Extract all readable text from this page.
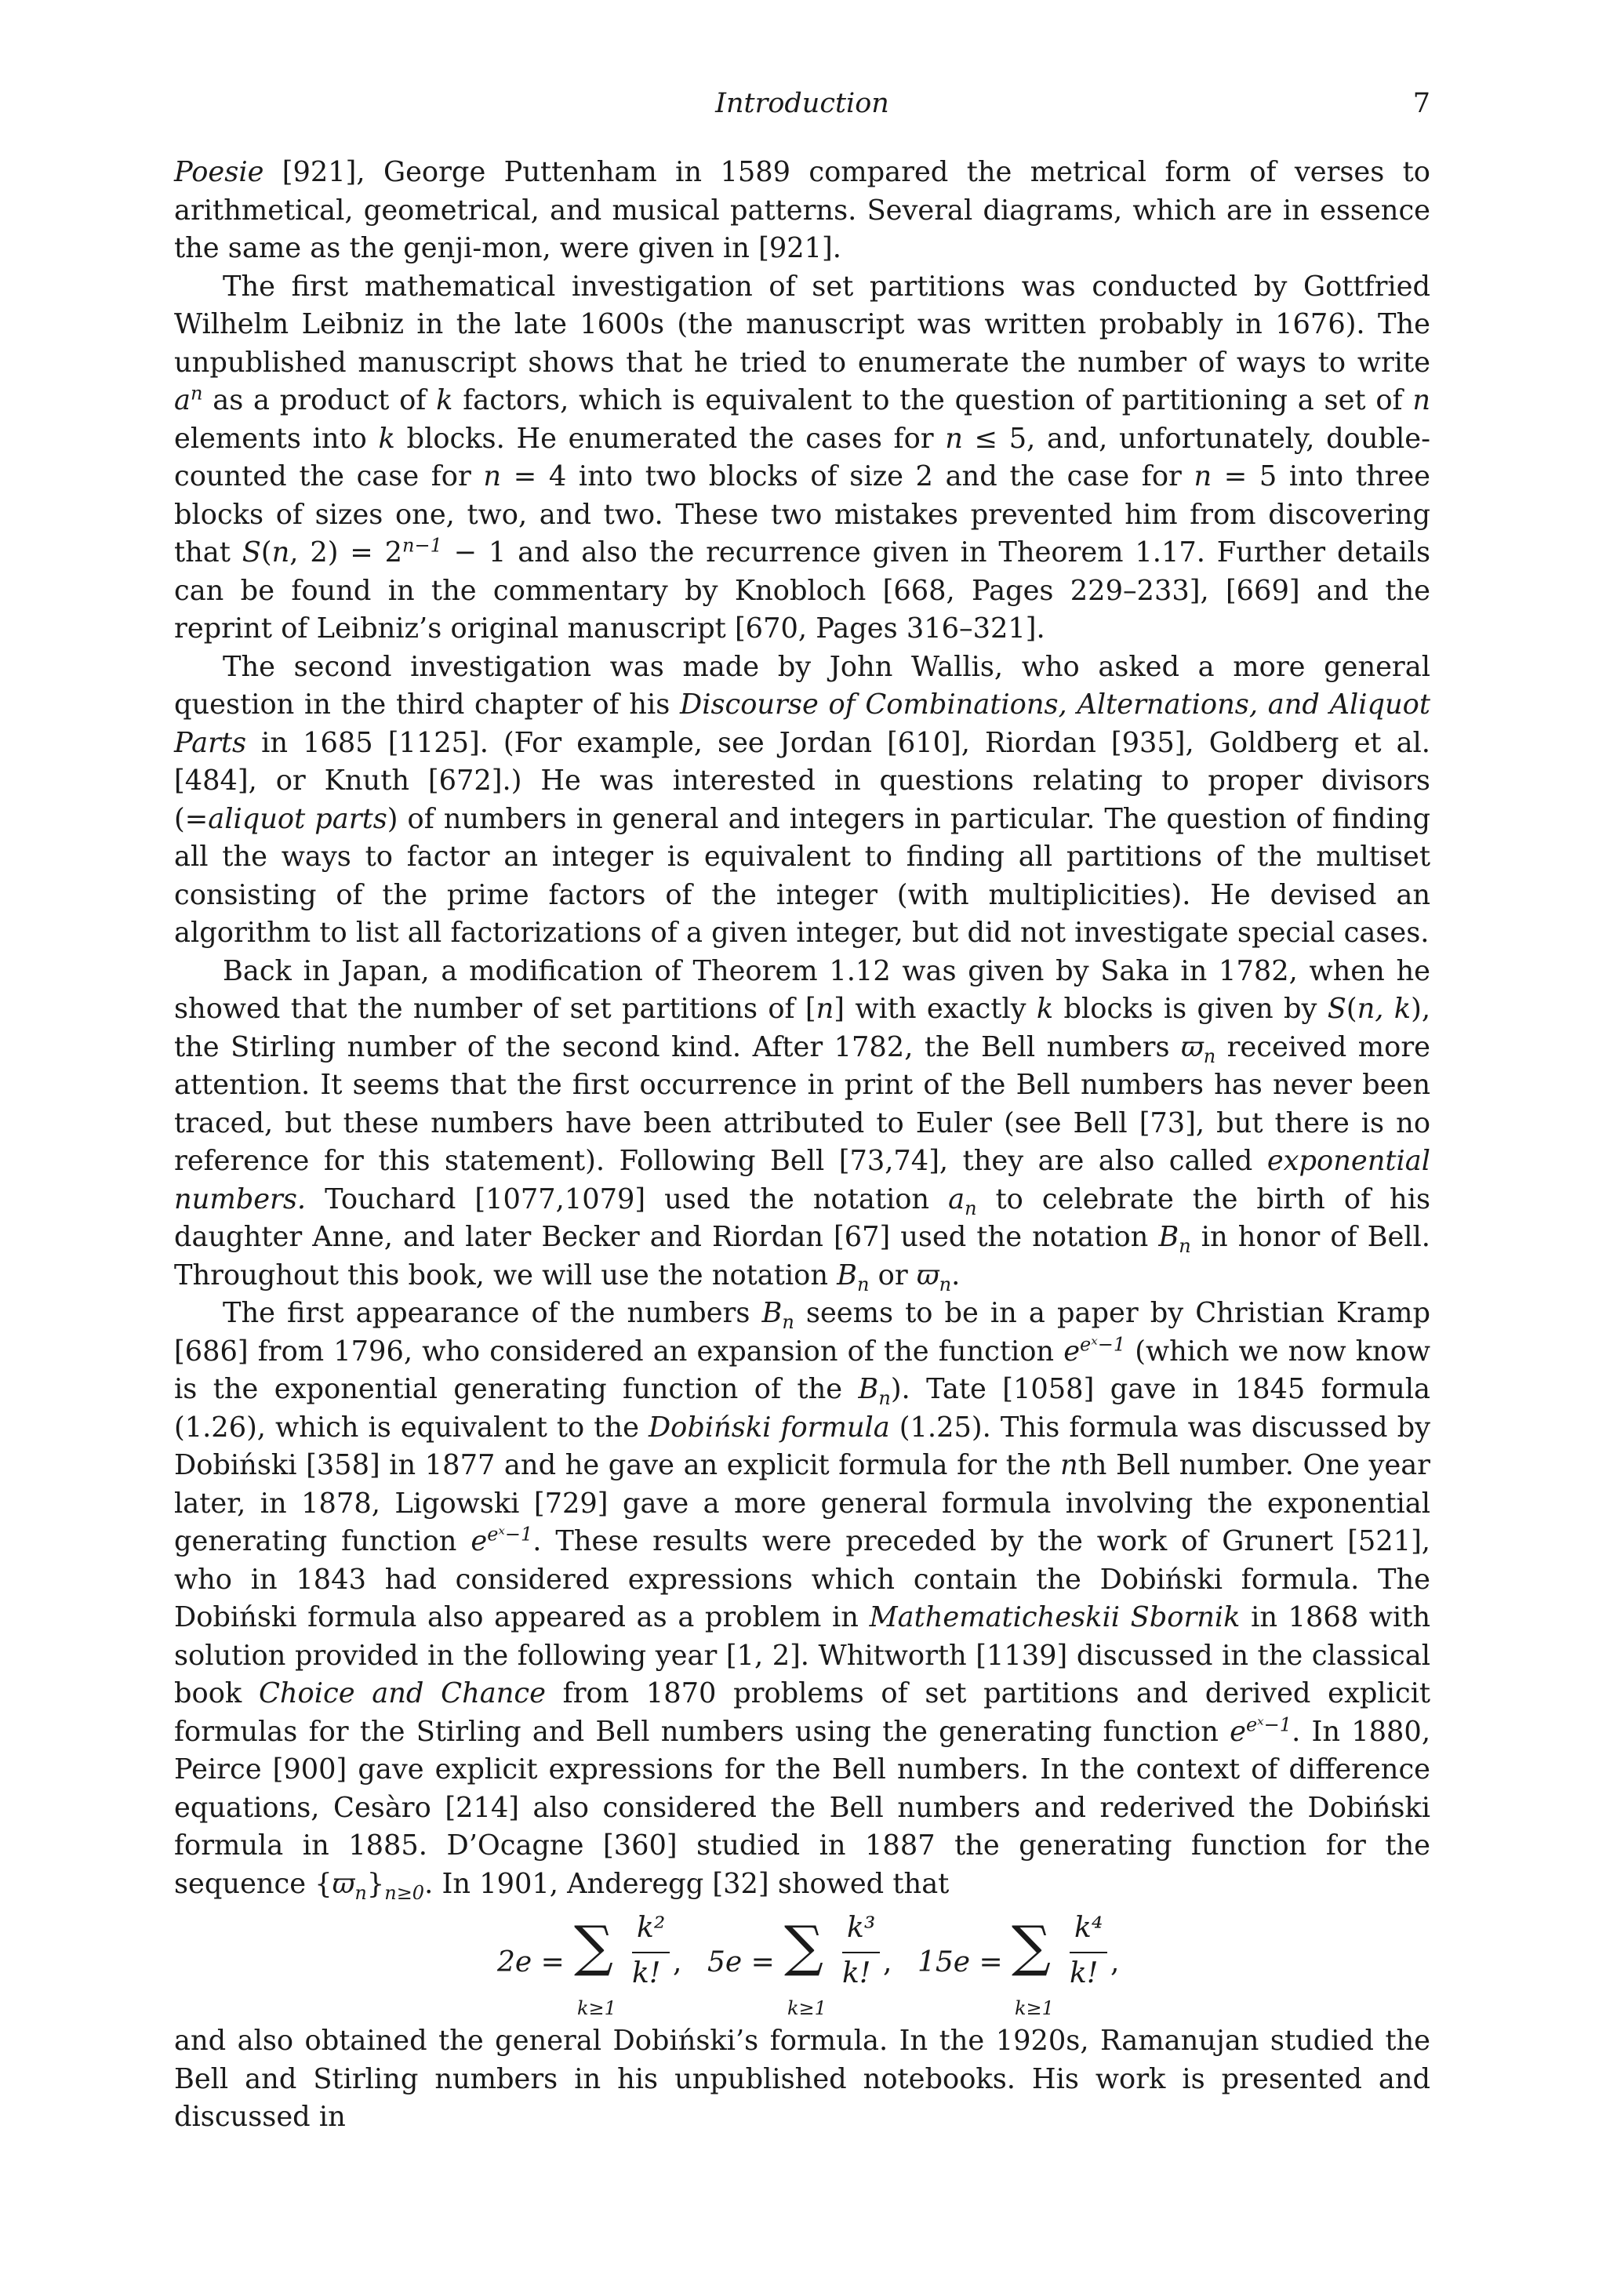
Introduction	7

Poesie [921], George Puttenham in 1589 compared the metrical form of verses to arithmetical, geometrical, and musical patterns. Several diagrams, which are in essence the same as the genji-mon, were given in [921].

The first mathematical investigation of set partitions was conducted by Gottfried Wilhelm Leibniz in the late 1600s (the manuscript was written probably in 1676). The unpublished manuscript shows that he tried to enumerate the number of ways to write $a^n$ as a product of k factors, which is equivalent to the question of partitioning a set of n elements into k blocks. He enumerated the cases for n ≤ 5, and, unfortunately, double-counted the case for n = 4 into two blocks of size 2 and the case for n = 5 into three blocks of sizes one, two, and two. These two mistakes prevented him from discovering that S(n, $2) = 2^{n-1} - 1$ and also the recurrence given in Theorem 1.17. Further details can be found in the commentary by Knobloch [668, Pages 229–233], [669] and the reprint of Leibniz’s original manuscript [670, Pages 316–321].

The second investigation was made by John Wallis, who asked a more general question in the third chapter of his Discourse of Combinations, Alternations, and Aliquot Parts in 1685 [1125]. (For example, see Jordan [610], Riordan [935], Goldberg et al. [484], or Knuth [672].) He was interested in questions relating to proper divisors (=aliquot parts) of numbers in general and integers in particular. The question of finding all the ways to factor an integer is equivalent to finding all partitions of the multiset consisting of the prime factors of the integer (with multiplicities). He devised an algorithm to list all factorizations of a given integer, but did not investigate special cases.

Back in Japan, a modification of Theorem 1.12 was given by Saka in 1782, when he showed that the number of set partitions of [n] with exactly k blocks is given by S(n, k), the Stirling number of the second kind. After 1782, the Bell numbers $ϖ_n$ received more attention. It seems that the first occurrence in print of the Bell numbers has never been traced, but these numbers have been attributed to Euler (see Bell [73], but there is no reference for this statement). Following Bell [73,74], they are also called exponential numbers. Touchard [1077,1079] used the notation $a_n$ to celebrate the birth of his daughter Anne, and later Becker and Riordan [67] used the notation $B_n$ in honor of Bell. Throughout this book, we will use the notation $B_n$ or $ϖ_n$.

The first appearance of the numbers $B_n$ seems to be in a paper by Christian Kramp [686] from 1796, who considered an expansion of the function $e^{eˣ-1}$ (which we now know is the exponential generating function of the $B_n$). Tate [1058] gave in 1845 formula (1.26), which is equivalent to the Dobiński formula (1.25). This formula was discussed by Dobiński [358] in 1877 and he gave an explicit formula for the nth Bell number. One year later, in 1878, Ligowski [729] gave a more general formula involving the exponential generating function $e^{eˣ-1}$. These results were preceded by the work of Grunert [521], who in 1843 had considered expressions which contain the Dobiński formula. The Dobiński formula also appeared as a problem in Mathematicheskii Sbornik in 1868 with solution provided in the following year [1, 2]. Whitworth [1139] discussed in the classical book Choice and Chance from 1870 problems of set partitions and derived explicit formulas for the Stirling and Bell numbers using the generating function $e^{eˣ-1}$. In 1880, Peirce [900] gave explicit expressions for the Bell numbers. In the context of difference equations, Cesàro [214] also considered the Bell numbers and rederived the Dobiński formula in 1885. D’Ocagne [360] studied in 1887 the generating function for the sequence $\{ϖ_n\}_{n\ge 0}$. In 1901, Anderegg [32] showed that

2e = ∑
k≥1
k²
k! , 5e = ∑
k≥1
k³
k! , 15e = ∑
k≥1
k⁴
k! ,

and also obtained the general Dobiński’s formula. In the 1920s, Ramanujan studied the Bell and Stirling numbers in his unpublished notebooks. His work is presented and discussed in
